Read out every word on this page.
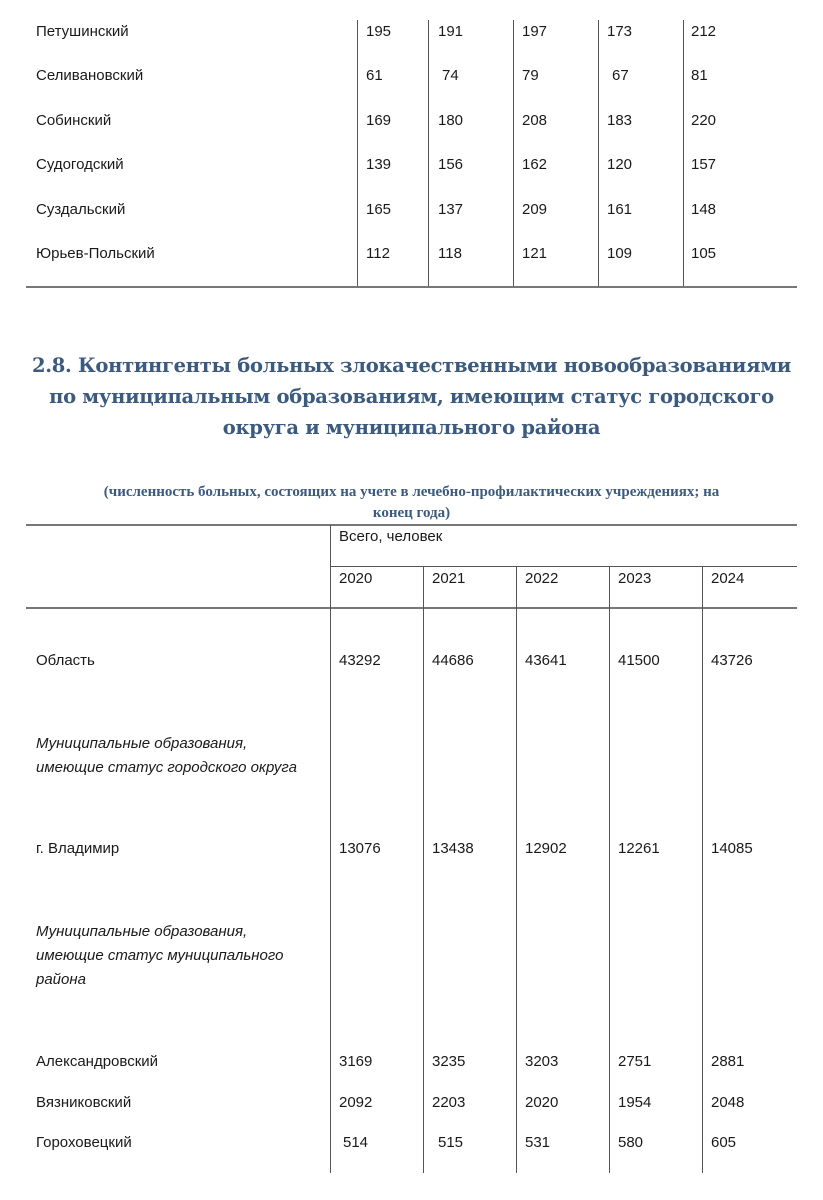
Петушинский	195	191	197	173	212
Селивановский	61	74	79	67	81
Собинский	169	180	208	183	220
Судогодский	139	156	162	120	157
Суздальский	165	137	209	161	148
Юрьев-Польский	112	118	121	109	105
2.8. Контингенты больных злокачественными новообразованиями
по муниципальным образованиям, имеющим статус городского
округа и муниципального района
(численность больных, состоящих на учете в лечебно-профилактических учреждениях; на
конец года)
Всего, человек
2020	2021	2022	2023	2024
Область	43292	44686	43641	41500	43726
Муниципальные образования,
имеющие статус городского округа
г. Владимир	13076	13438	12902	12261	14085
Муниципальные образования,
имеющие статус муниципального
района
Александровский	3169	3235	3203	2751	2881
Вязниковский	2092	2203	2020	1954	2048
Гороховецкий	514	515	531	580	605
